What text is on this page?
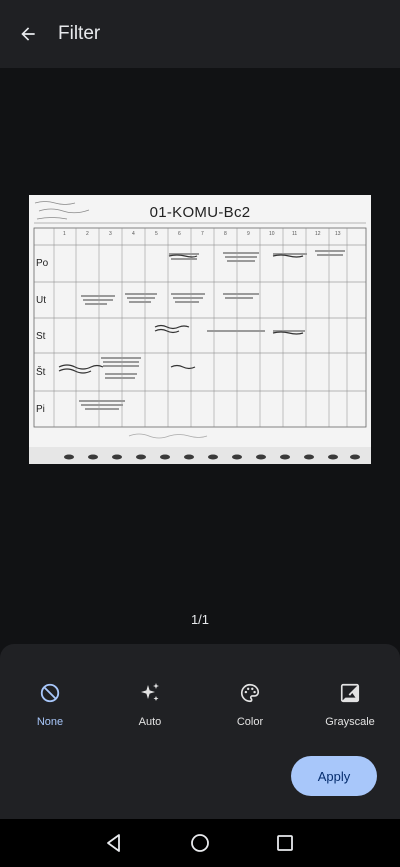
Filter
1	2	3	4	5	6	7	8	9	10	11	12	13
01-KOMU-Bc2
Po
Ut
St
Št
Pi
1/1
None	Auto	Color	Grayscale
Apply
